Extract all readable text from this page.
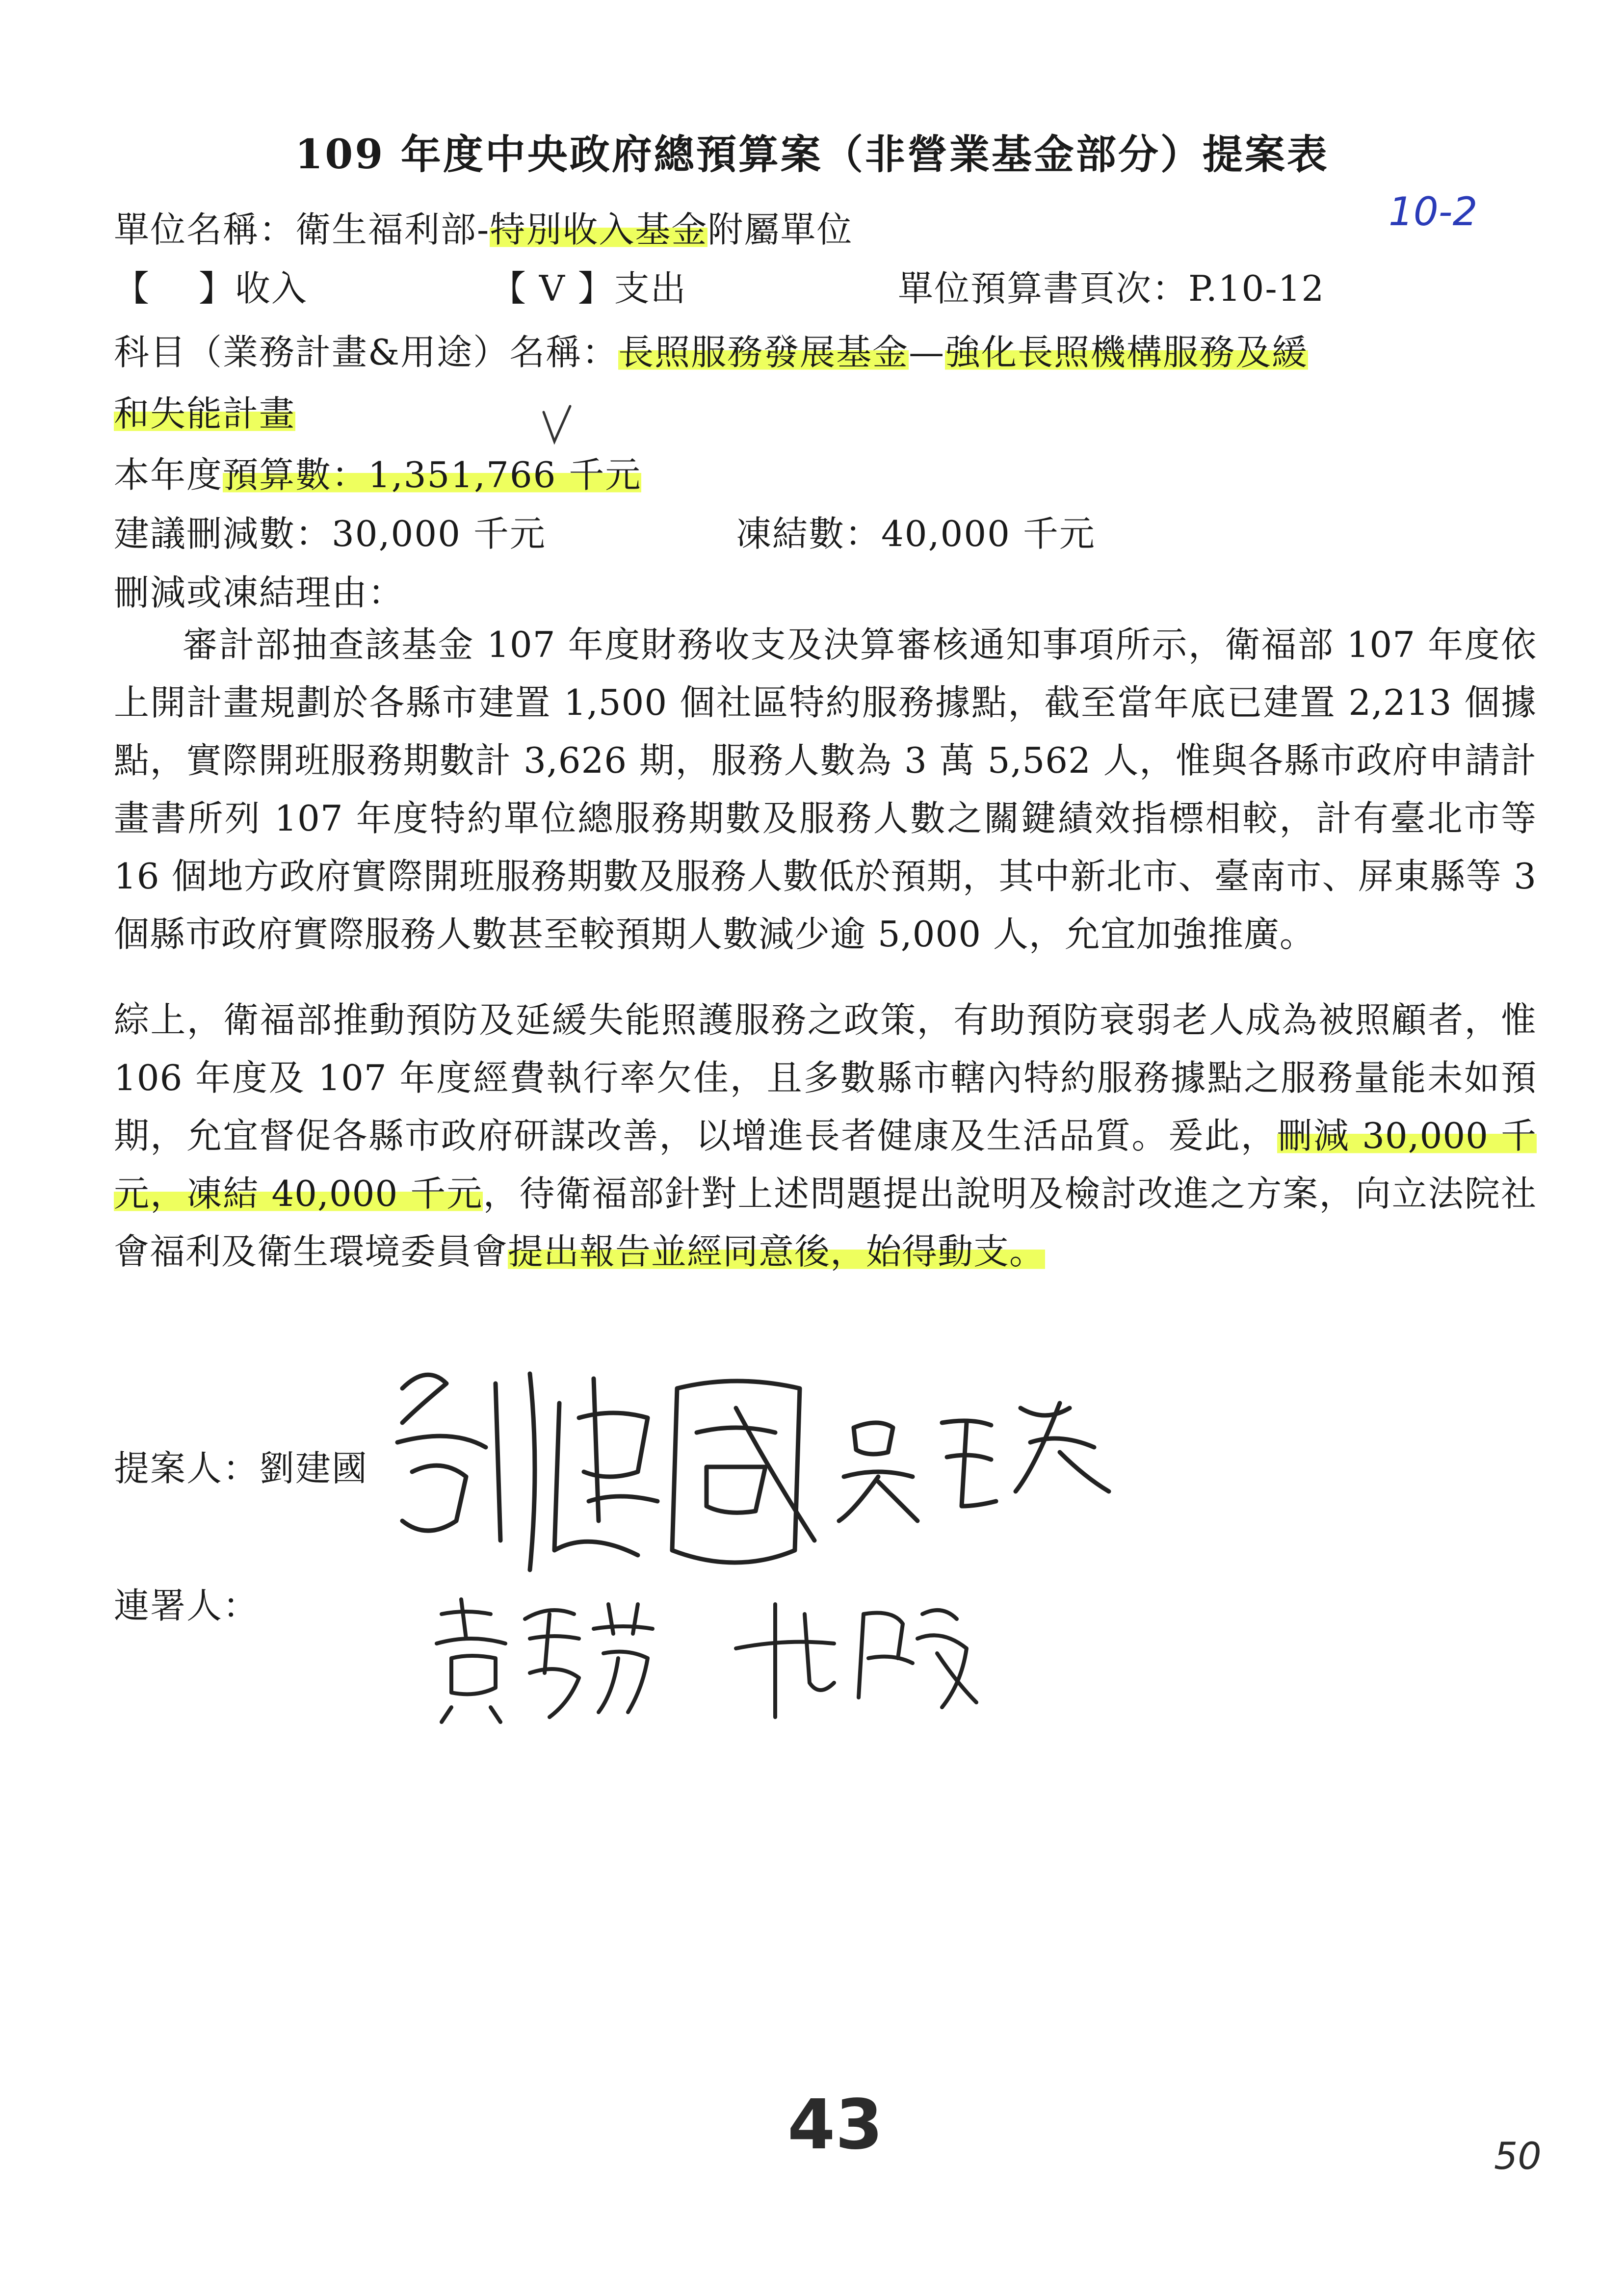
109 年度中央政府總預算案（非營業基金部分）提案表
單位名稱：衛生福利部-特別收入基金附屬單位	10-2
【　 】收入	【 V 】支出	單位預算書頁次：P.10-12
科目（業務計畫&用途）名稱：長照服務發展基金—強化長照機構服務及緩
和失能計畫
本年度預算數：1,351,766 千元
建議刪減數：30,000 千元	凍結數：40,000 千元
刪減或凍結理由：
審計部抽查該基金 107 年度財務收支及決算審核通知事項所示，衛福部 107 年度依上開計畫規劃於各縣市建置 1,500 個社區特約服務據點，截至當年底已建置 2,213 個據點，實際開班服務期數計 3,626 期，服務人數為 3 萬 5,562 人，惟與各縣市政府申請計畫書所列 107 年度特約單位總服務期數及服務人數之關鍵績效指標相較，計有臺北市等 16 個地方政府實際開班服務期數及服務人數低於預期，其中新北市、臺南市、屏東縣等 3 個縣市政府實際服務人數甚至較預期人數減少逾 5,000 人，允宜加強推廣。
綜上，衛福部推動預防及延緩失能照護服務之政策，有助預防衰弱老人成為被照顧者，惟 106 年度及 107 年度經費執行率欠佳，且多數縣市轄內特約服務據點之服務量能未如預期，允宜督促各縣市政府研謀改善，以增進長者健康及生活品質。爰此，刪減 30,000 千元，凍結 40,000 千元，待衛福部針對上述問題提出說明及檢討改進之方案，向立法院社會福利及衛生環境委員會提出報告並經同意後，始得動支。
提案人：劉建國
連署人：
43	50
